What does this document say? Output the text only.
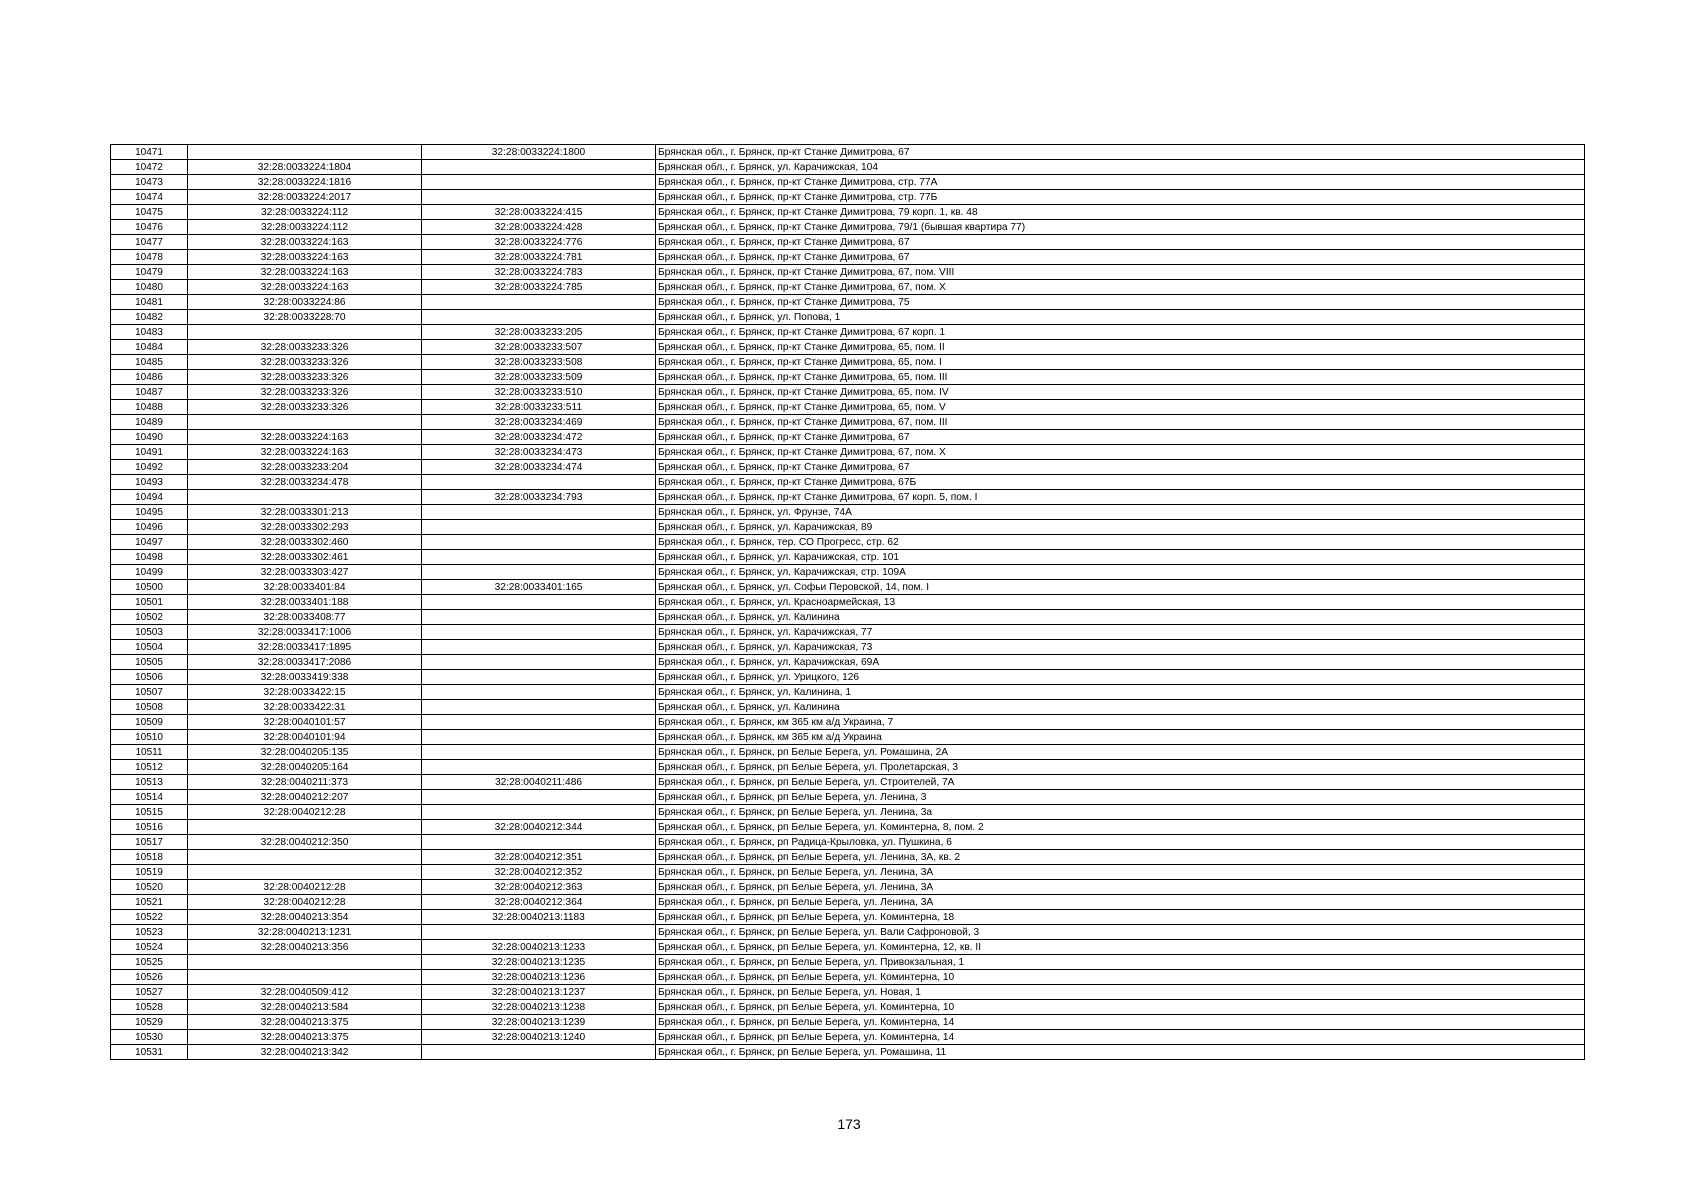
10471		32:28:0033224:1800	Брянская обл., г. Брянск, пр-кт Станке Димитрова, 67
10472	32:28:0033224:1804		Брянская обл., г. Брянск, ул. Карачижская, 104
10473	32:28:0033224:1816		Брянская обл., г. Брянск, пр-кт Станке Димитрова, стр. 77А
10474	32:28:0033224:2017		Брянская обл., г. Брянск, пр-кт Станке Димитрова, стр. 77Б
10475	32:28:0033224:112	32:28:0033224:415	Брянская обл., г. Брянск, пр-кт Станке Димитрова, 79 корп. 1, кв. 48
10476	32:28:0033224:112	32:28:0033224:428	Брянская обл., г. Брянск, пр-кт Станке Димитрова, 79/1 (бывшая квартира 77)
10477	32:28:0033224:163	32:28:0033224:776	Брянская обл., г. Брянск, пр-кт Станке Димитрова, 67
10478	32:28:0033224:163	32:28:0033224:781	Брянская обл., г. Брянск, пр-кт Станке Димитрова, 67
10479	32:28:0033224:163	32:28:0033224:783	Брянская обл., г. Брянск, пр-кт Станке Димитрова, 67, пом. VIII
10480	32:28:0033224:163	32:28:0033224:785	Брянская обл., г. Брянск, пр-кт Станке Димитрова, 67, пом. X
10481	32:28:0033224:86		Брянская обл., г. Брянск, пр-кт Станке Димитрова, 75
10482	32:28:0033228:70		Брянская обл., г. Брянск, ул. Попова, 1
10483		32:28:0033233:205	Брянская обл., г. Брянск, пр-кт Станке Димитрова, 67 корп. 1
10484	32:28:0033233:326	32:28:0033233:507	Брянская обл., г. Брянск, пр-кт Станке Димитрова, 65, пом. II
10485	32:28:0033233:326	32:28:0033233:508	Брянская обл., г. Брянск, пр-кт Станке Димитрова, 65, пом. I
10486	32:28:0033233:326	32:28:0033233:509	Брянская обл., г. Брянск, пр-кт Станке Димитрова, 65, пом. III
10487	32:28:0033233:326	32:28:0033233:510	Брянская обл., г. Брянск, пр-кт Станке Димитрова, 65, пом. IV
10488	32:28:0033233:326	32:28:0033233:511	Брянская обл., г. Брянск, пр-кт Станке Димитрова, 65, пом. V
10489		32:28:0033234:469	Брянская обл., г. Брянск, пр-кт Станке Димитрова, 67, пом. III
10490	32:28:0033224:163	32:28:0033234:472	Брянская обл., г. Брянск, пр-кт Станке Димитрова, 67
10491	32:28:0033224:163	32:28:0033234:473	Брянская обл., г. Брянск, пр-кт Станке Димитрова, 67, пом. X
10492	32:28:0033233:204	32:28:0033234:474	Брянская обл., г. Брянск, пр-кт Станке Димитрова, 67
10493	32:28:0033234:478		Брянская обл., г. Брянск, пр-кт Станке Димитрова, 67Б
10494		32:28:0033234:793	Брянская обл., г. Брянск, пр-кт Станке Димитрова, 67 корп. 5, пом. I
10495	32:28:0033301:213		Брянская обл., г. Брянск, ул. Фрунзе, 74А
10496	32:28:0033302:293		Брянская обл., г. Брянск, ул. Карачижская, 89
10497	32:28:0033302:460		Брянская обл., г. Брянск, тер. СО Прогресс, стр. 62
10498	32:28:0033302:461		Брянская обл., г. Брянск, ул. Карачижская, стр. 101
10499	32:28:0033303:427		Брянская обл., г. Брянск, ул. Карачижская, стр. 109А
10500	32:28:0033401:84	32:28:0033401:165	Брянская обл., г. Брянск, ул. Софьи Перовской, 14, пом. I
10501	32:28:0033401:188		Брянская обл., г. Брянск, ул. Красноармейская, 13
10502	32:28:0033408:77		Брянская обл., г. Брянск, ул. Калинина
10503	32:28:0033417:1006		Брянская обл., г. Брянск, ул. Карачижская, 77
10504	32:28:0033417:1895		Брянская обл., г. Брянск, ул. Карачижская, 73
10505	32:28:0033417:2086		Брянская обл., г. Брянск, ул. Карачижская, 69А
10506	32:28:0033419:338		Брянская обл., г. Брянск, ул. Урицкого, 126
10507	32:28:0033422:15		Брянская обл., г. Брянск, ул. Калинина, 1
10508	32:28:0033422:31		Брянская обл., г. Брянск, ул. Калинина
10509	32:28:0040101:57		Брянская обл., г. Брянск, км 365 км а/д Украина, 7
10510	32:28:0040101:94		Брянская обл., г. Брянск, км 365 км а/д Украина
10511	32:28:0040205:135		Брянская обл., г. Брянск, рп Белые Берега, ул. Ромашина, 2А
10512	32:28:0040205:164		Брянская обл., г. Брянск, рп Белые Берега, ул. Пролетарская, 3
10513	32:28:0040211:373	32:28:0040211:486	Брянская обл., г. Брянск, рп Белые Берега, ул. Строителей, 7А
10514	32:28:0040212:207		Брянская обл., г. Брянск, рп Белые Берега, ул. Ленина, 3
10515	32:28:0040212:28		Брянская обл., г. Брянск, рп Белые Берега, ул. Ленина, 3а
10516		32:28:0040212:344	Брянская обл., г. Брянск, рп Белые Берега, ул. Коминтерна, 8, пом. 2
10517	32:28:0040212:350		Брянская обл., г. Брянск, рп Радица-Крыловка, ул. Пушкина, 6
10518		32:28:0040212:351	Брянская обл., г. Брянск, рп Белые Берега, ул. Ленина, 3А, кв. 2
10519		32:28:0040212:352	Брянская обл., г. Брянск, рп Белые Берега, ул. Ленина, 3А
10520	32:28:0040212:28	32:28:0040212:363	Брянская обл., г. Брянск, рп Белые Берега, ул. Ленина, 3А
10521	32:28:0040212:28	32:28:0040212:364	Брянская обл., г. Брянск, рп Белые Берега, ул. Ленина, 3А
10522	32:28:0040213:354	32:28:0040213:1183	Брянская обл., г. Брянск, рп Белые Берега, ул. Коминтерна, 18
10523	32:28:0040213:1231		Брянская обл., г. Брянск, рп Белые Берега, ул. Вали Сафроновой, 3
10524	32:28:0040213:356	32:28:0040213:1233	Брянская обл., г. Брянск, рп Белые Берега, ул. Коминтерна, 12, кв. II
10525		32:28:0040213:1235	Брянская обл., г. Брянск, рп Белые Берега, ул. Привокзальная, 1
10526		32:28:0040213:1236	Брянская обл., г. Брянск, рп Белые Берега, ул. Коминтерна, 10
10527	32:28:0040509:412	32:28:0040213:1237	Брянская обл., г. Брянск, рп Белые Берега, ул. Новая, 1
10528	32:28:0040213:584	32:28:0040213:1238	Брянская обл., г. Брянск, рп Белые Берега, ул. Коминтерна, 10
10529	32:28:0040213:375	32:28:0040213:1239	Брянская обл., г. Брянск, рп Белые Берега, ул. Коминтерна, 14
10530	32:28:0040213:375	32:28:0040213:1240	Брянская обл., г. Брянск, рп Белые Берега, ул. Коминтерна, 14
10531	32:28:0040213:342		Брянская обл., г. Брянск, рп Белые Берега, ул. Ромашина, 11
173
